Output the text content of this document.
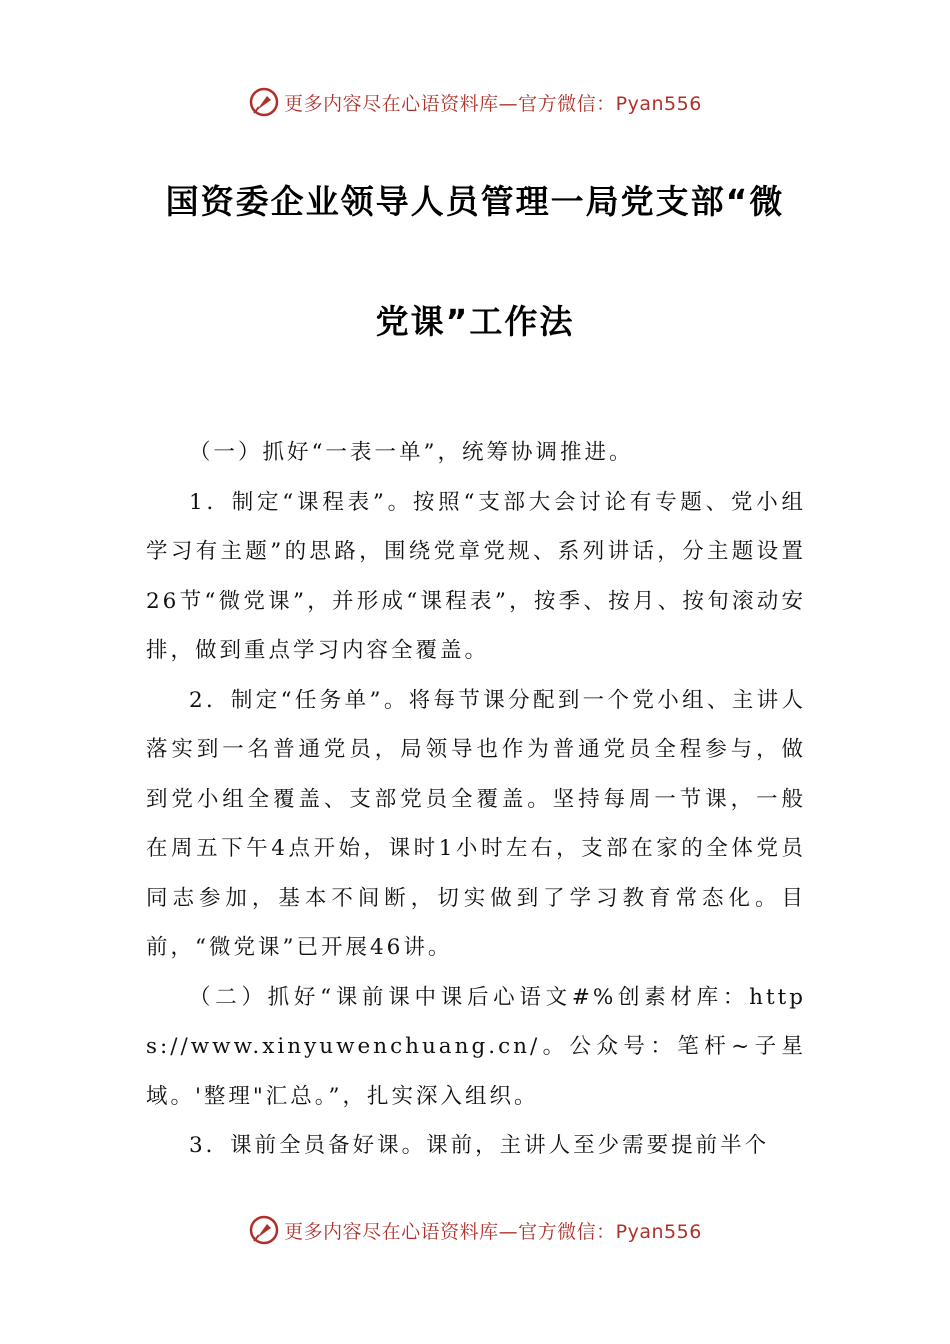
更多内容尽在心语资料库—官方微信：Pyan556
国资委企业领导人员管理一局党支部“微
党课”工作法

（一）抓好“一表一单”，统筹协调推进。

1．制定“课程表”。按照“支部大会讨论有专题、党小组学习有主题”的思路，围绕党章党规、系列讲话，分主题设置26节“微党课”，并形成“课程表”，按季、按月、按旬滚动安排，做到重点学习内容全覆盖。

2．制定“任务单”。将每节课分配到一个党小组、主讲人落实到一名普通党员，局领导也作为普通党员全程参与，做到党小组全覆盖、支部党员全覆盖。坚持每周一节课，一般在周五下午4点开始，课时1小时左右，支部在家的全体党员同志参加，基本不间断，切实做到了学习教育常态化。目前，“微党课”已开展46讲。

（二）抓好“课前课中课后心语文#%创素材库：https://www.xinyuwenchuang.cn/。公众号：笔杆~子星域。'整理"汇总。”，扎实深入组织。

3．课前全员备好课。课前，主讲人至少需要提前半个

更多内容尽在心语资料库—官方微信：Pyan556
